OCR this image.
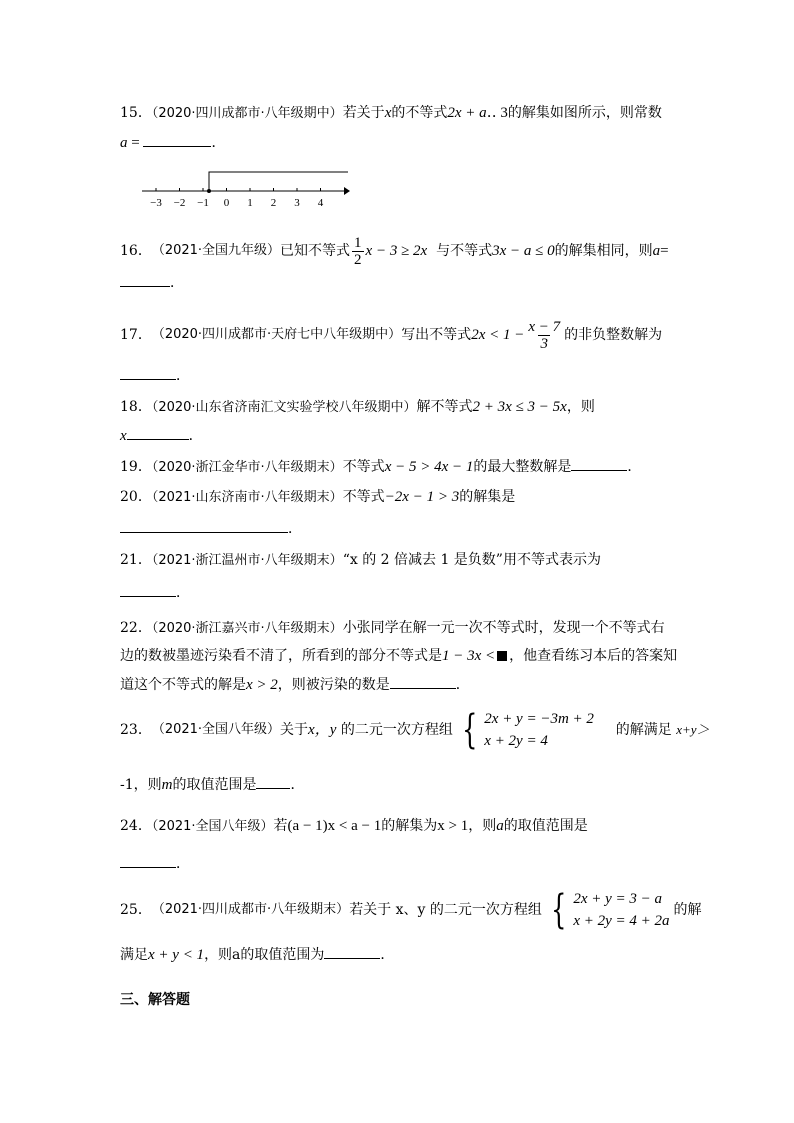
15．（2020·四川成都市·八年级期中）若关于x的不等式2x + a‥ 3的解集如图所示，则常数
a =	．
−3 −2 −1 0 1 2 3 4
16． （2021·全国九年级） 已知不等式 $\frac{1}{2}$ x − 3 ≥ 2x
与不等式 3x − a ≤ 0 的解集相同，则 a =
．
17． （2020·四川成都市·天府七中八年级期中） 写出不等式 $2x < 1 - \frac{x - 7}{3}$ 的非负整数解为
．
18．（2020·山东省济南汇文实验学校八年级期中）解不等式2 + 3x ≤ 3 − 5x，则
x	．
19．（2020·浙江金华市·八年级期末）不等式x − 5 > 4x − 1的最大整数解是	．
20．（2021·山东济南市·八年级期末）不等式−2x − 1 > 3的解集是
．
21．（2021·浙江温州市·八年级期末）“x 的 2 倍减去 1 是负数”用不等式表示为
．
22．（2020·浙江嘉兴市·八年级期末）小张同学在解一元一次不等式时，发现一个不等式右
边的数被墨迹污染看不清了，所看到的部分不等式是1 − 3x < ，他查看练习本后的答案知
道这个不等式的解是x > 2，则被污染的数是	．
23． （2021·全国八年级） 关于 x，y
的二元一次方程组 { 2x + y = −3m + 2
x + 2y = 4

的解满足
x+y＞
-1，则m的取值范围是 ．
24．（2021·全国八年级）若(a − 1)x < a − 1的解集为x > 1，则a的取值范围是
．
25． （2021·四川成都市·八年级期末） 若关于 x、y 的二元一次方程组 { 2x + y = 3 − a
x + 2y = 4 + 2a
的解
满足x + y < 1，则a的取值范围为	．
三、解答题
